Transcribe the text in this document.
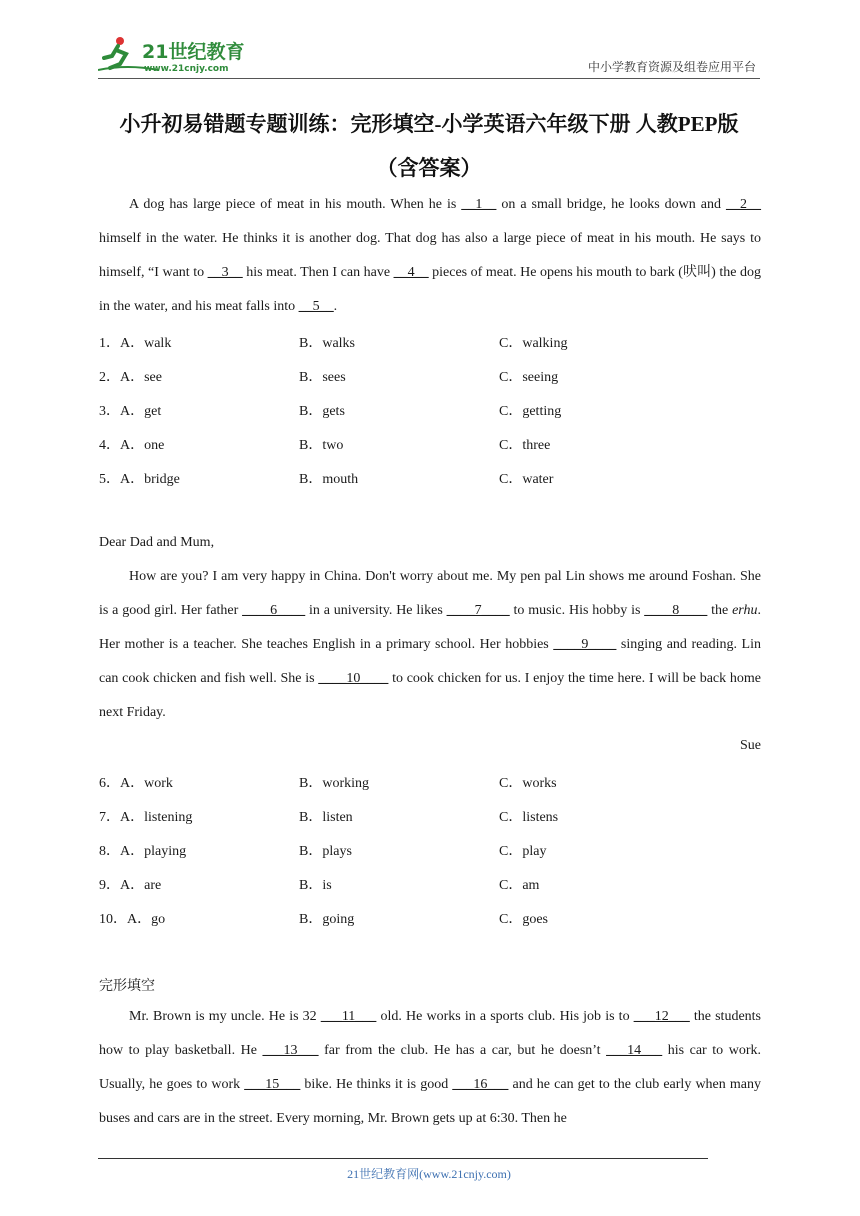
21世纪教育
www.21cnjy.com	中小学教育资源及组卷应用平台
小升初易错题专题训练：完形填空-小学英语六年级下册 人教PEP版
（含答案）

A dog has large piece of meat in his mouth. When he is __1__ on a small bridge, he looks down and __2__ himself in the water. He thinks it is another dog. That dog has also a large piece of meat in his mouth. He says to himself, “I want to __3__ his meat. Then I can have __4__ pieces of meat. He opens his mouth to bark (吠叫) the dog in the water, and his meat falls into __5__.

1．A．walk	B．walks	C．walking
2．A．see	B．sees	C．seeing
3．A．get	B．gets	C．getting
4．A．one	B．two	C．three
5．A．bridge	B．mouth	C．water
Dear Dad and Mum,

How are you? I am very happy in China. Don't worry about me. My pen pal Lin shows me around Foshan. She is a good girl. Her father ____6____ in a university. He likes ____7____ to music. His hobby is ____8____ the erhu. Her mother is a teacher. She teaches English in a primary school. Her hobbies ____9____ singing and reading. Lin can cook chicken and fish well. She is ____10____ to cook chicken for us. I enjoy the time here. I will be back home next Friday.

Sue
6．A．work	B．working	C．works
7．A．listening	B．listen	C．listens
8．A．playing	B．plays	C．play
9．A．are	B．is	C．am
10．A．go	B．going	C．goes
完形填空

Mr. Brown is my uncle. He is 32 ___11___ old. He works in a sports club. His job is to ___12___ the students how to play basketball. He ___13___ far from the club. He has a car, but he doesn’t ___14___ his car to work. Usually, he goes to work ___15___ bike. He thinks it is good ___16___ and he can get to the club early when many buses and cars are in the street. Every morning, Mr. Brown gets up at 6:30. Then he

21世纪教育网(www.21cnjy.com)
